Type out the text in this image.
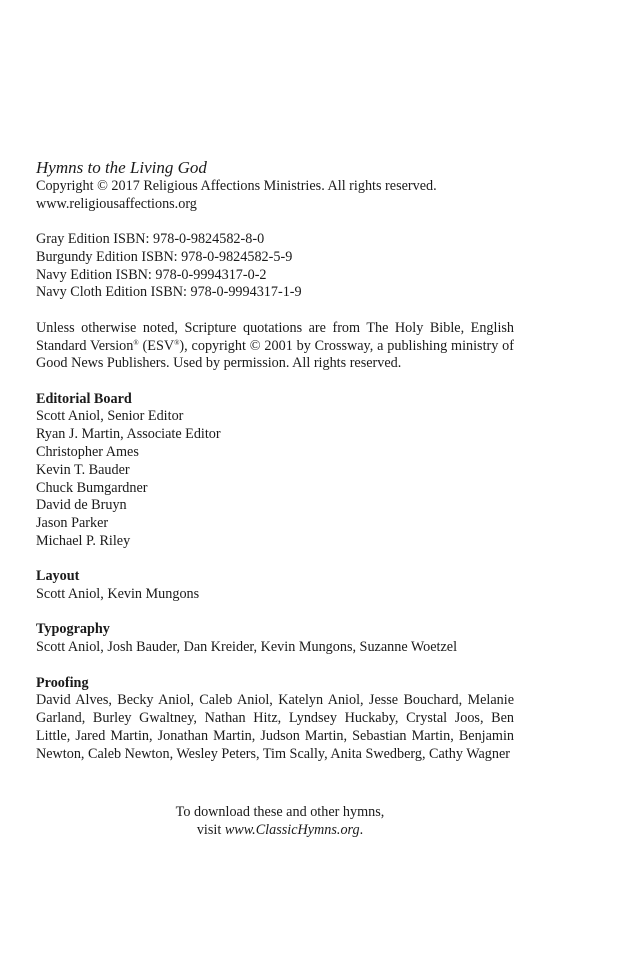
Hymns to the Living God
Copyright © 2017 Religious Affections Ministries. All rights reserved.
www.religiousaffections.org
Gray Edition ISBN: 978-0-9824582-8-0
Burgundy Edition ISBN: 978-0-9824582-5-9
Navy Edition ISBN: 978-0-9994317-0-2
Navy Cloth Edition ISBN: 978-0-9994317-1-9
Unless otherwise noted, Scripture quotations are from The Holy Bible, English Standard Version® (ESV®), copyright © 2001 by Crossway, a publishing ministry of Good News Publishers. Used by permission. All rights reserved.
Editorial Board
Scott Aniol, Senior Editor
Ryan J. Martin, Associate Editor
Christopher Ames
Kevin T. Bauder
Chuck Bumgardner
David de Bruyn
Jason Parker
Michael P. Riley
Layout
Scott Aniol, Kevin Mungons
Typography
Scott Aniol, Josh Bauder, Dan Kreider, Kevin Mungons, Suzanne Woetzel
Proofing
David Alves, Becky Aniol, Caleb Aniol, Katelyn Aniol, Jesse Bouchard, Melanie Garland, Burley Gwaltney, Nathan Hitz, Lyndsey Huckaby, Crystal Joos, Ben Little, Jared Martin, Jonathan Martin, Judson Martin, Sebastian Martin, Benjamin Newton, Caleb Newton, Wesley Peters, Tim Scally, Anita Swedberg, Cathy Wagner
To download these and other hymns,
visit www.ClassicHymns.org.
